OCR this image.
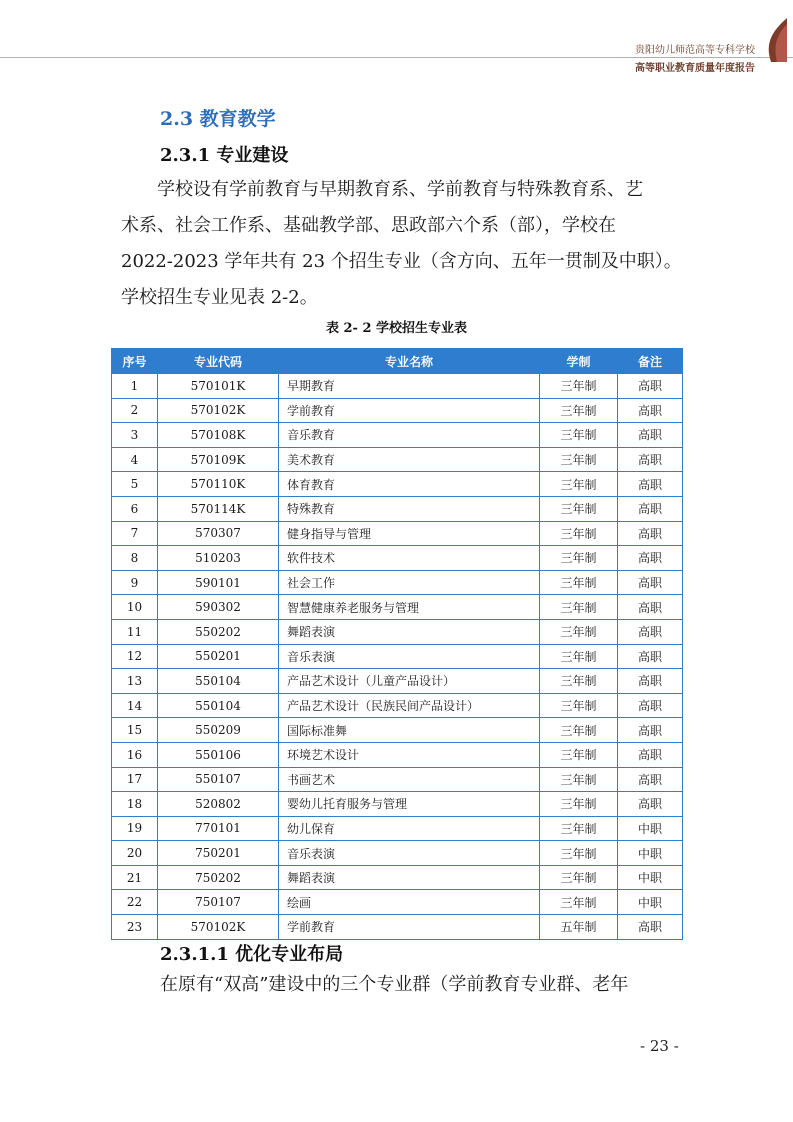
贵阳幼儿师范高等专科学校
高等职业教育质量年度报告
2.3 教育教学
2.3.1 专业建设
学校设有学前教育与早期教育系、学前教育与特殊教育系、艺
术系、社会工作系、基础教学部、思政部六个系（部），学校在
2022-2023 学年共有 23 个招生专业（含方向、五年一贯制及中职）。
学校招生专业见表 2-2。
表 2- 2 学校招生专业表
序号	专业代码	专业名称	学制	备注
1	570101K	早期教育	三年制	高职
2	570102K	学前教育	三年制	高职
3	570108K	音乐教育	三年制	高职
4	570109K	美术教育	三年制	高职
5	570110K	体育教育	三年制	高职
6	570114K	特殊教育	三年制	高职
7	570307	健身指导与管理	三年制	高职
8	510203	软件技术	三年制	高职
9	590101	社会工作	三年制	高职
10	590302	智慧健康养老服务与管理	三年制	高职
11	550202	舞蹈表演	三年制	高职
12	550201	音乐表演	三年制	高职
13	550104	产品艺术设计（儿童产品设计）	三年制	高职
14	550104	产品艺术设计（民族民间产品设计）	三年制	高职
15	550209	国际标准舞	三年制	高职
16	550106	环境艺术设计	三年制	高职
17	550107	书画艺术	三年制	高职
18	520802	婴幼儿托育服务与管理	三年制	高职
19	770101	幼儿保育	三年制	中职
20	750201	音乐表演	三年制	中职
21	750202	舞蹈表演	三年制	中职
22	750107	绘画	三年制	中职
23	570102K	学前教育	五年制	高职
2.3.1.1 优化专业布局
在原有“双高”建设中的三个专业群（学前教育专业群、老年
- 23 -
